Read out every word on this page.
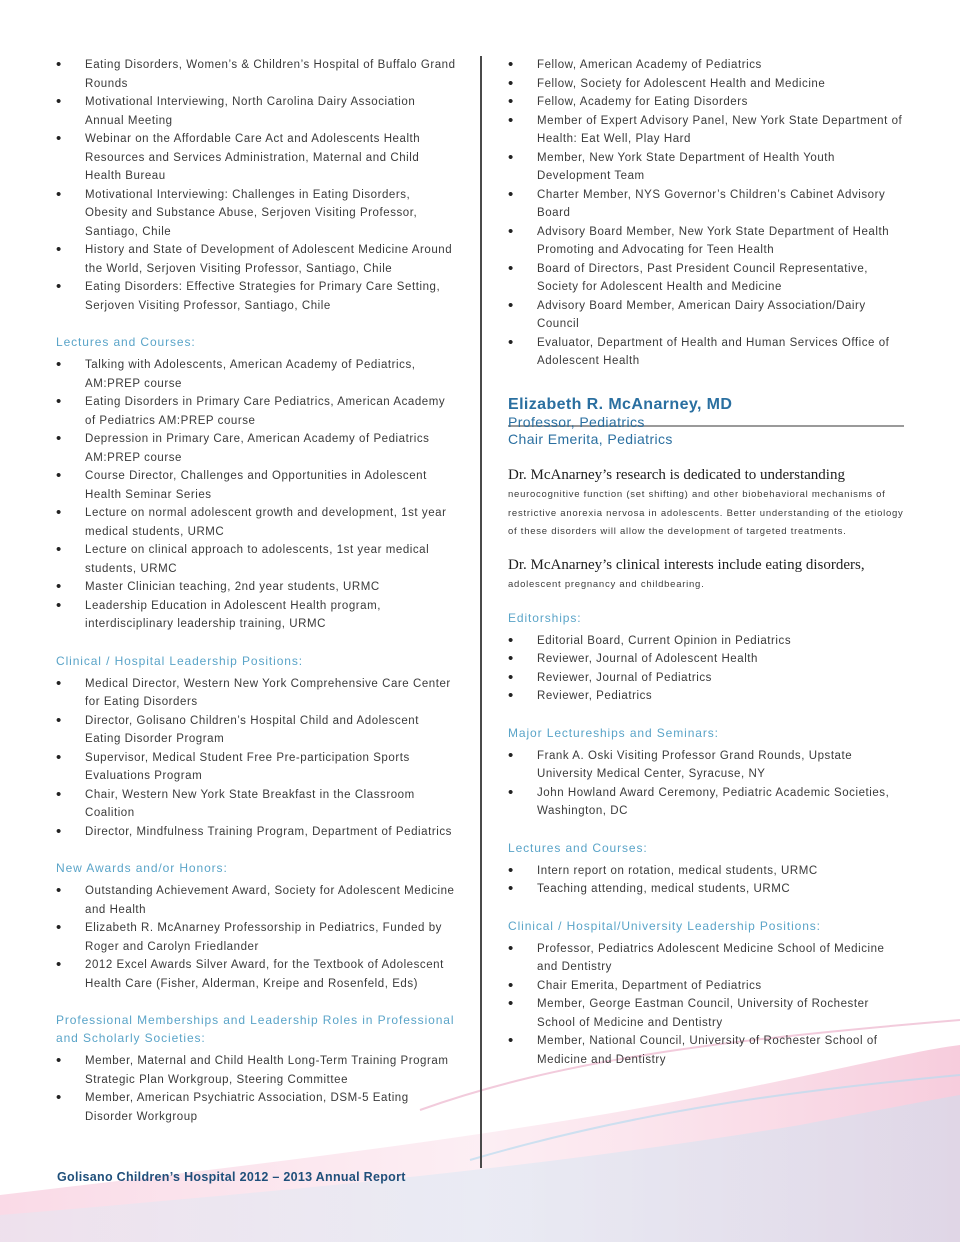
• Eating Disorders, Women’s & Children’s Hospital of Buffalo Grand Rounds
• Motivational Interviewing, North Carolina Dairy Association Annual Meeting
• Webinar on the Affordable Care Act and Adolescents Health Resources and Services Administration, Maternal and Child Health Bureau
• Motivational Interviewing: Challenges in Eating Disorders, Obesity and Substance Abuse, Serjoven Visiting Professor, Santiago, Chile
• History and State of Development of Adolescent Medicine Around the World, Serjoven Visiting Professor, Santiago, Chile
• Eating Disorders: Effective Strategies for Primary Care Setting, Serjoven Visiting Professor, Santiago, Chile
Lectures and Courses:
• Talking with Adolescents, American Academy of Pediatrics, AM:PREP course
• Eating Disorders in Primary Care Pediatrics, American Academy of Pediatrics AM:PREP course
• Depression in Primary Care, American Academy of Pediatrics AM:PREP course
• Course Director, Challenges and Opportunities in Adolescent Health Seminar Series
• Lecture on normal adolescent growth and development, 1st year medical students, URMC
• Lecture on clinical approach to adolescents, 1st year medical students, URMC
• Master Clinician teaching, 2nd year students, URMC
• Leadership Education in Adolescent Health program, interdisciplinary leadership training, URMC
Clinical / Hospital Leadership Positions:
• Medical Director, Western New York Comprehensive Care Center for Eating Disorders
• Director, Golisano Children’s Hospital Child and Adolescent Eating Disorder Program
• Supervisor, Medical Student Free Pre-participation Sports Evaluations Program
• Chair, Western New York State Breakfast in the Classroom Coalition
• Director, Mindfulness Training Program, Department of Pediatrics
New Awards and/or Honors:
• Outstanding Achievement Award, Society for Adolescent Medicine and Health
• Elizabeth R. McAnarney Professorship in Pediatrics, Funded by Roger and Carolyn Friedlander
• 2012 Excel Awards Silver Award, for the Textbook of Adolescent Health Care (Fisher, Alderman, Kreipe and Rosenfeld, Eds)
Professional Memberships and Leadership Roles in Professional and Scholarly Societies:
• Member, Maternal and Child Health Long-Term Training Program Strategic Plan Workgroup, Steering Committee
• Member, American Psychiatric Association, DSM-5 Eating Disorder Workgroup
• Fellow, American Academy of Pediatrics
• Fellow, Society for Adolescent Health and Medicine
• Fellow, Academy for Eating Disorders
• Member of Expert Advisory Panel, New York State Department of Health: Eat Well, Play Hard
• Member, New York State Department of Health Youth Development Team
• Charter Member, NYS Governor’s Children’s Cabinet Advisory Board
• Advisory Board Member, New York State Department of Health Promoting and Advocating for Teen Health
• Board of Directors, Past President Council Representative, Society for Adolescent Health and Medicine
• Advisory Board Member, American Dairy Association/Dairy Council
• Evaluator, Department of Health and Human Services Office of Adolescent Health
Elizabeth R. McAnarney, MD
Professor, Pediatrics
Chair Emerita, Pediatrics

Dr. McAnarney’s research is dedicated to understanding neurocognitive function (set shifting) and other biobehavioral mechanisms of restrictive anorexia nervosa in adolescents. Better understanding of the etiology of these disorders will allow the development of targeted treatments.

Dr. McAnarney’s clinical interests include eating disorders, adolescent pregnancy and childbearing.

Editorships:
• Editorial Board, Current Opinion in Pediatrics
• Reviewer, Journal of Adolescent Health
• Reviewer, Journal of Pediatrics
• Reviewer, Pediatrics
Major Lectureships and Seminars:
• Frank A. Oski Visiting Professor Grand Rounds, Upstate University Medical Center, Syracuse, NY
• John Howland Award Ceremony, Pediatric Academic Societies, Washington, DC
Lectures and Courses:
• Intern report on rotation, medical students, URMC
• Teaching attending, medical students, URMC
Clinical / Hospital/University Leadership Positions:
• Professor, Pediatrics Adolescent Medicine School of Medicine and Dentistry
• Chair Emerita, Department of Pediatrics
• Member, George Eastman Council, University of Rochester School of Medicine and Dentistry
• Member, National Council, University of Rochester School of Medicine and Dentistry
Golisano Children’s Hospital 2012 – 2013 Annual Report
